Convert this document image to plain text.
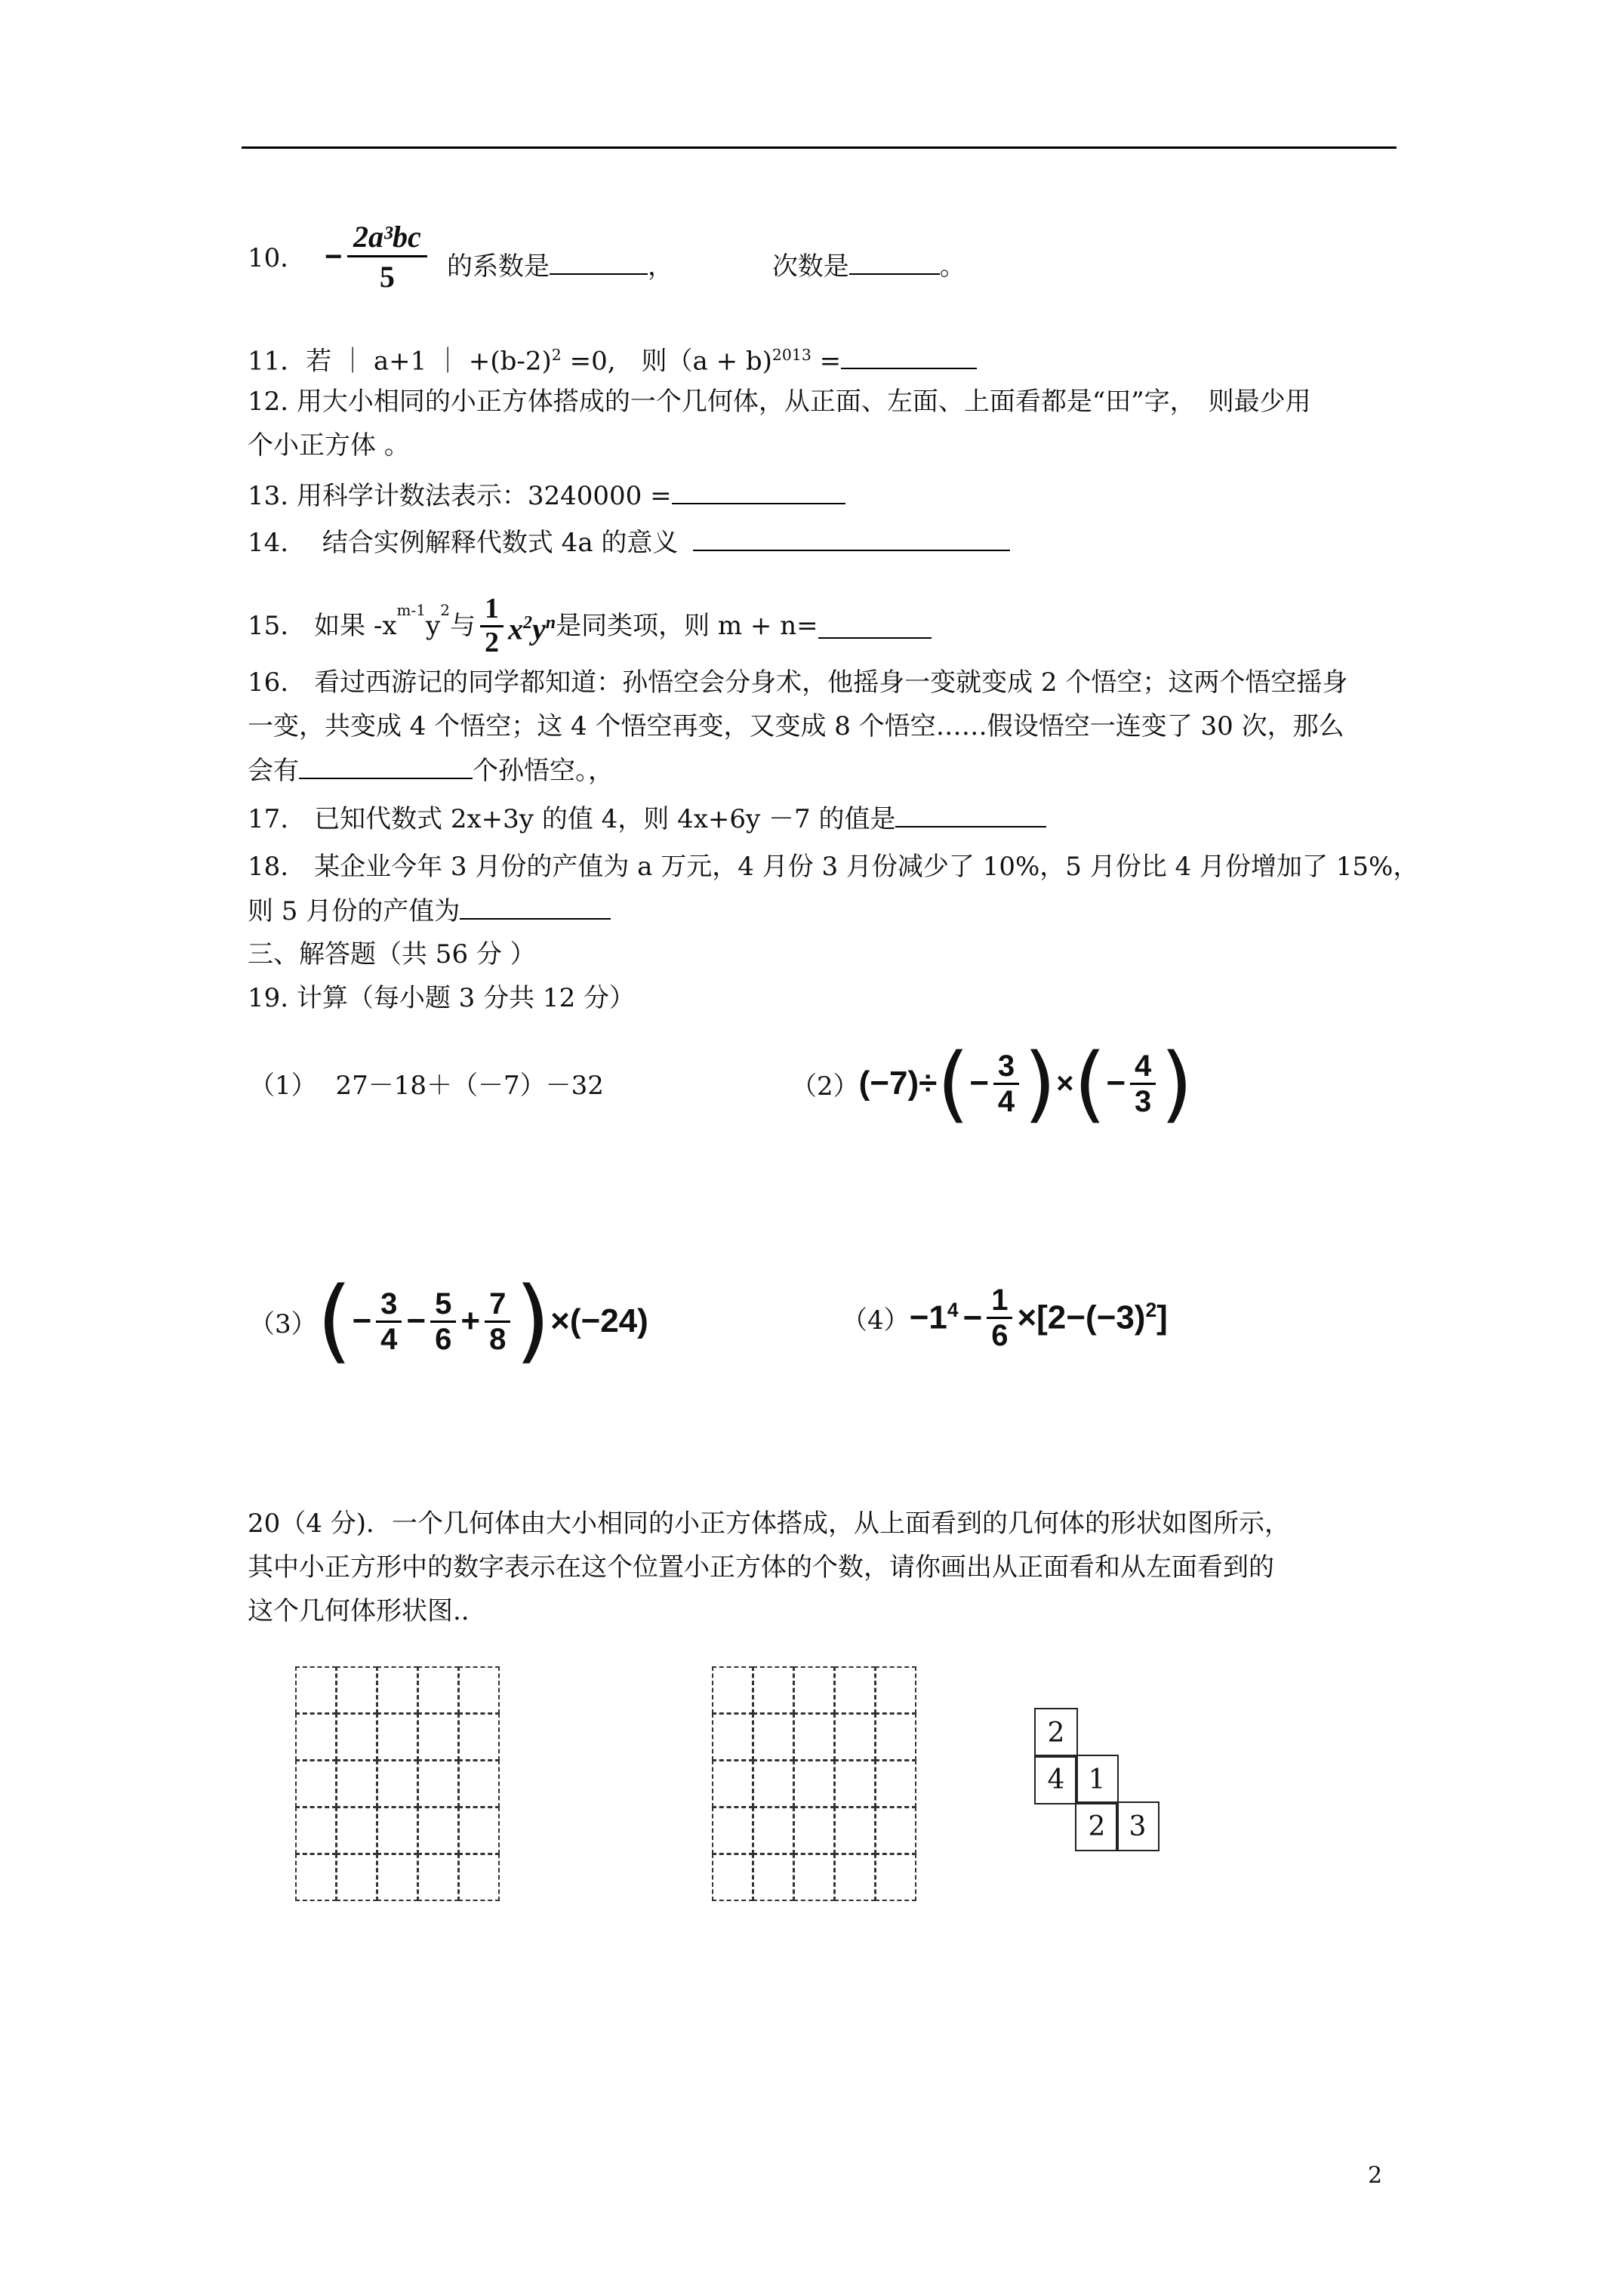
10． − $\frac{\text{2a³bc}}{5}$ 的系数是	，	次数是	。
11．若 ｜ a+1 ｜ $+(b-2)^2 =0$,　则（a + b)$^{2013}$ =
12. 用大小相同的小正方体搭成的一个几何体，从正面、左面、上面看都是“田”字，　则最少用
个小正方体 。
13. 用科学计数法表示：3240000 =
14.　 结合实例解释代数式 4a 的意义
15.　如果 -x
$^{m-1}$
y
$^2$
与 $\frac{1}{2} x^2y^n$ 是同类项，则 m + n=
16.　看过西游记的同学都知道：孙悟空会分身术，他摇身一变就变成 2 个悟空；这两个悟空摇身
一变，共变成 4 个悟空；这 4 个悟空再变，又变成 8 个悟空……假设悟空一连变了 30 次，那么
会有	个孙悟空。，
17.　已知代数式 2x+3y 的值 4，则 4x+6y －7 的值是
18.　某企业今年 3 月份的产值为 a 万元，4 月份 3 月份减少了 10%，5 月份比 4 月份增加了 15%，
则 5 月份的产值为
三、解答题（共 56 分 ）
19. 计算（每小题 3 分共 12 分）
（1） 27－18＋（－7）－32	（2） (−7)÷ ( − $\frac{3}{4}$ ) × ( − $\frac{4}{3}$ )
（3） ( − $\frac{3}{4} - \frac{5}{6} + \frac{7}{8}$ ) ×(−24)	$(4) -1^4 - \frac{1}{6} \times[2-(-3)^2]$
20（4 分)．一个几何体由大小相同的小正方体搭成，从上面看到的几何体的形状如图所示，
其中小正方形中的数字表示在这个位置小正方体的个数，请你画出从正面看和从左面看到的
这个几何体形状图..
2
4 1
2 3
2
